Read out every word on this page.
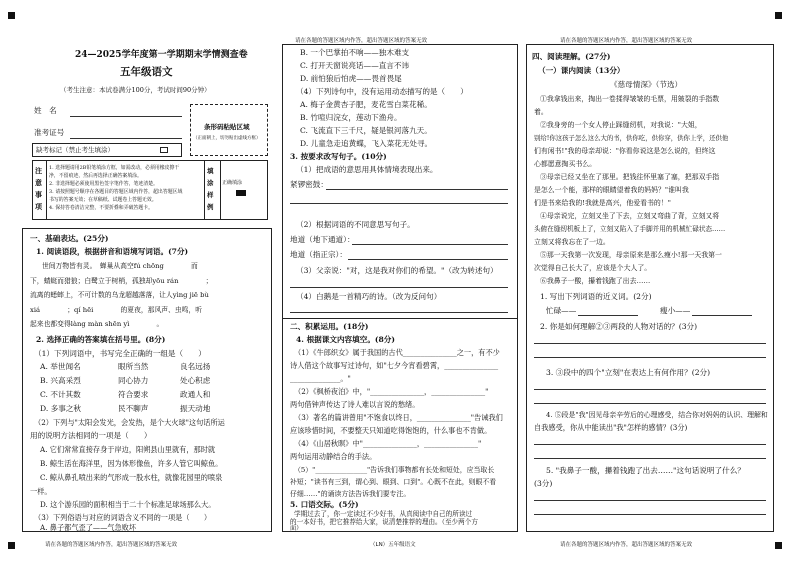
请在各题的答题区域内作答，超出答题区域的答案无效	请在各题的答题区域内作答，超出答题区域的答案无效
24—2025学年度第一学期期末学情测查卷
五年级语文
（考生注意：本试卷满分100分，考试时间90分钟）
姓　名
准考证号
缺考标记（禁止考生填涂）
条形码粘贴区域
（正面朝上，切勿贴出虚线方框）
注
意
事
项
1. 选择题请用2B铅笔填涂方框，如需改动，必须用橡皮擦干
净，不留痕迹，然后再选择正确答案填涂。
2. 非选择题必须使用黑色签字笔作答，笔迹清楚。
3. 请按照题号顺序在各题目的答题区域内作答，超出答题区域
书写的答案无效；在草稿纸、试题卷上答题无效。
4. 保持答卷清洁完整，不要折叠和弄破答题卡。
填
涂
样
例
正确填涂
一、基础表达。(25分)
1. 阅读语段，根据拼音和语境写词语。(7分)
世间万物皆有灵。　蝉巢从高空fú chōng　　　　而
下，蜻蜓而猎狼；白鹭立于树梢，孤独却yōu rán　　　　；
流离的蟋蟀上，不可计数的乌龙超越落落，让人yìng jiē bù
xiá　　　　；qí hēi　　　　的夏夜，那风声、虫鸣，听
起来也都变得làng màn shēn yì　　　　。
2. 选择正确的答案填在括号里。(8分)
（1）下列词语中，书写完全正确的一组是（　　）
A. 举世闻名	眼所当然	良名远扬
B. 兴高采烈	同心协力	处心积虑
C. 不计其数	符合要求	政通人和
D. 多事之秋	民不聊声	振天动地
（2）下列与"太阳会发光，会发热，是个大火球"这句话所运
用的说明方法相同的一项是（　　）
A. 它们常常直接存身于岸边，阳朔县山里就有，那时就
B. 鲸生活在海洋里，因为体形像鱼，许多人管它叫鲸鱼。
C. 鲸从鼻孔喷出来的气形成一股水柱，就像花园里的喷泉
一样。
D. 这个游乐园的面积相当于二十个标准足球场那么大。
（3）下列俗语与对应的词语含义不同的一项是（　　）
A. 鼻子都气歪了——气急败坏
B. 一个巴掌拍不响——独木难支
C. 打开天窗说亮话——直言不讳
D. 前怕狼后怕虎——畏首畏尾
（4）下列诗句中，没有运用动态描写的是（　　）
A. 梅子金黄杏子肥，麦花雪白菜花稀。
B. 竹喧归浣女，莲动下渔舟。
C. 飞流直下三千尺，疑是银河落九天。
D. 儿童急走追黄蝶，飞入菜花无处寻。
3. 按要求改写句子。(10分)
（1）把成语的意思用具体情境表现出来。
紧锣密鼓：
（2）根据词语的不同意思写句子。
地道（地下通道）：
地道（指正宗）：
（3）父亲说："对，这是我对你们的希望。"（改为转述句）
（4）白鹅是一首精巧的诗。（改为反问句）
二、积累运用。(18分)
4. 根据课文内容填空。(8分)
（1）《牛郎织女》属于我国的古代_______________之一，有不少
诗人借这个故事写过诗句，如"七夕今宵看碧霄，_______________
______________。"
（2）《枫桥夜泊》中，"_______________，_______________"
两句借钟声传达了诗人难以言说的愁绪。
（3）著名的篇讲曾用"不饱食以终日，_______________"告诫我们
应该珍惜时间，不要整天只知道吃得饱饱的，什么事也不肯做。
（4）《山居秋暝》中"_______________，_______________"
两句运用动静结合的手法。
（5）"_______________"告诉我们事物都有长处和短处，应当取长
补短；"读书有三到，谓心到、眼到、口到"。心既不在此，则眼不看
仔细……"的诵读方法告诉我们要专注。
5. 口语交际。(5分)
学期过去了，你一定读过不少好书，从真阅读中自己的所读过
的一本好书，把它推荐给大家，说清楚推荐的理由。（至少两个方
面）
四、阅读理解。(27分)
（一）课内阅读（13分）
《慈母情深》（节选）
①我拿钱出来，掏出一卷揉得皱皱的毛票，用皴裂的手指数
着。
②我身旁的一个女人停止踩缝纫机，对我说："大姐，
别给!你这孩子怎么这么大的书，供你吃，供你穿，供你上学，还供他
们有闲书!"我的母亲却说："你看你说这是怎么说的，但终这
心都愿意掏买书么。
③母亲已经又坐在了那里。把钱往怀里塞了塞，把那双手指
是怎么一个能，那样的眼睛望着我的妈妈？"谁叫我
们是书来给我的!我就是高兴，他爱看书的！"
④母亲说完，立刻又坐了下去，立刻又弯曲了背，立刻又将
头俯在缝纫机板上了，立刻又陷入了手脚并用的机械忙碌状态……
立刻又将我忘在了一边。
⑤那一天我第一次发现，母亲原来是那么瘦小!那一天我第一
次觉得自己长大了，应该是个大人了。
⑥我鼻子一酸，攥着钱跑了出去……
1. 写出下列词语的近义词。(2分)
忙碌——	瘦小——
2. 你是如何理解②③两段的人物对话的？(3分)
3. ③段中的四个"立刻"在表达上有何作用？(2分)
4. ⑤段是"我"因见母亲辛劳后的心理感受，结合你对妈妈的认识、理解和
自我感受，你从中能读出"我"怎样的感情？(3分)
5. "我鼻子一酸，攥着钱跑了出去……"这句话说明了什么？
(3分)
请在各题的答题区域内作答，超出答题区域的答案无效	（LN）五年级语文	请在各题的答题区域内作答，超出答题区域的答案无效
